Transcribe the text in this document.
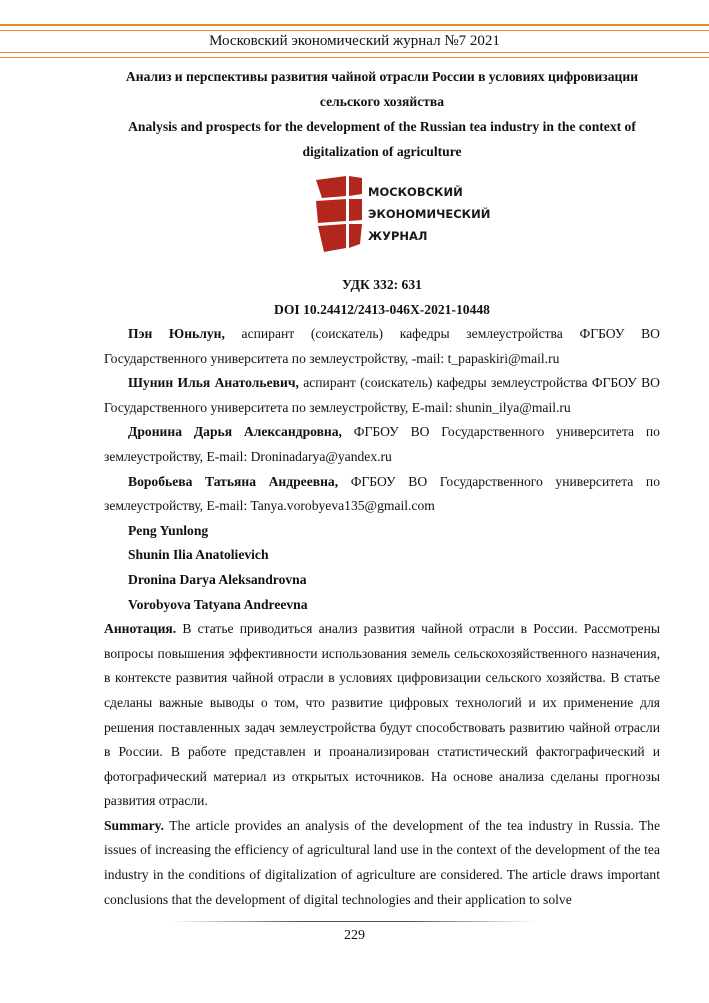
Московский экономический журнал №7 2021

Анализ и перспективы развития чайной отрасли России в условиях цифровизации
сельского хозяйства

Analysis and prospects for the development of the Russian tea industry in the context of
digitalization of agriculture

МОСКОВСКИЙ
ЭКОНОМИЧЕСКИЙ
ЖУРНАЛ

УДК 332: 631

DOI 10.24412/2413-046Х-2021-10448

Пэн Юньлун, аспирант (соискатель) кафедры землеустройства ФГБОУ ВО Государственного университета по землеустройству, -mail: t_papaskiri@mail.ru

Шунин Илья Анатольевич, аспирант (соискатель) кафедры землеустройства ФГБОУ ВО Государственного университета по землеустройству, E-mail: shunin_ilya@mail.ru

Дронина Дарья Александровна, ФГБОУ ВО Государственного университета по землеустройству, E-mail: Droninadarya@yandex.ru

Воробьева Татьяна Андреевна, ФГБОУ ВО Государственного университета по землеустройству, E-mail: Tanya.vorobyeva135@gmail.com

Peng Yunlong

Shunin Ilia Anatolievich

Dronina Darya Aleksandrovna

Vorobyova Tatyana Andreevna

Аннотация. В статье приводиться анализ развития чайной отрасли в России. Рассмотрены вопросы повышения эффективности использования земель сельскохозяйственного назначения, в контексте развития чайной отрасли в условиях цифровизации сельского хозяйства. В статье сделаны важные выводы о том, что развитие цифровых технологий и их применение для решения поставленных задач землеустройства будут способствовать развитию чайной отрасли в России. В работе представлен и проанализирован статистический фактографический и фотографический материал из открытых источников. На основе анализа сделаны прогнозы развития отрасли.

Summary. The article provides an analysis of the development of the tea industry in Russia. The issues of increasing the efficiency of agricultural land use in the context of the development of the tea industry in the conditions of digitalization of agriculture are considered. The article draws important conclusions that the development of digital technologies and their application to solve

229
